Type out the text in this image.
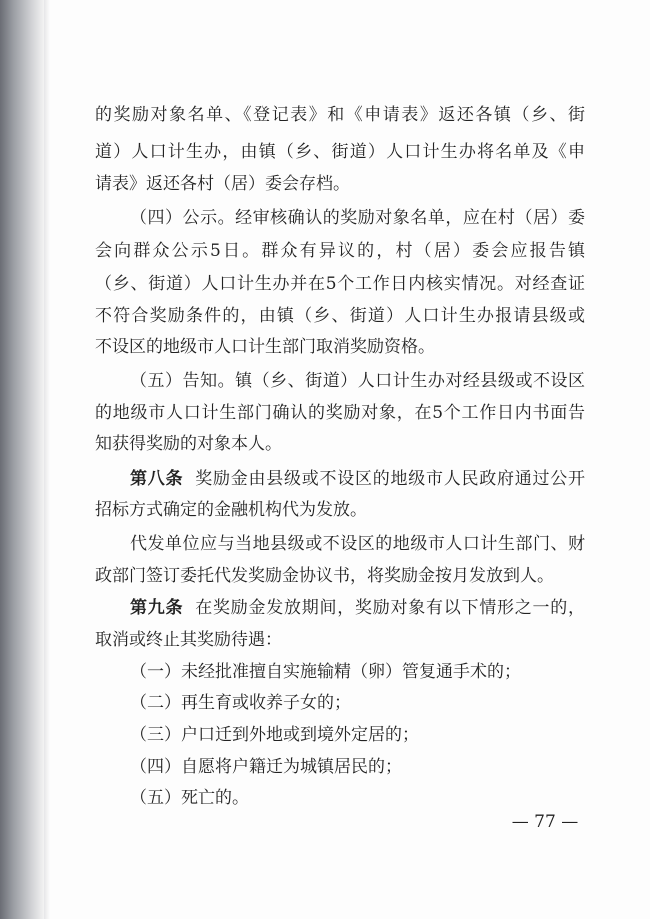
的奖励对象名单、《登记表》和《申请表》返还各镇（乡、街
道）人口计生办，由镇（乡、街道）人口计生办将名单及《申
请表》返还各村（居）委会存档。
（四）公示。经审核确认的奖励对象名单，应在村（居）委
会向群众公示5日。群众有异议的，村（居）委会应报告镇
（乡、街道）人口计生办并在5个工作日内核实情况。对经查证
不符合奖励条件的，由镇（乡、街道）人口计生办报请县级或
不设区的地级市人口计生部门取消奖励资格。
（五）告知。镇（乡、街道）人口计生办对经县级或不设区
的地级市人口计生部门确认的奖励对象，在5个工作日内书面告
知获得奖励的对象本人。
第八条 奖励金由县级或不设区的地级市人民政府通过公开
招标方式确定的金融机构代为发放。
代发单位应与当地县级或不设区的地级市人口计生部门、财
政部门签订委托代发奖励金协议书，将奖励金按月发放到人。
第九条 在奖励金发放期间，奖励对象有以下情形之一的，
取消或终止其奖励待遇：
（一）未经批准擅自实施输精（卵）管复通手术的；
（二）再生育或收养子女的；
（三）户口迁到外地或到境外定居的；
（四）自愿将户籍迁为城镇居民的；
（五）死亡的。
— 77 —
